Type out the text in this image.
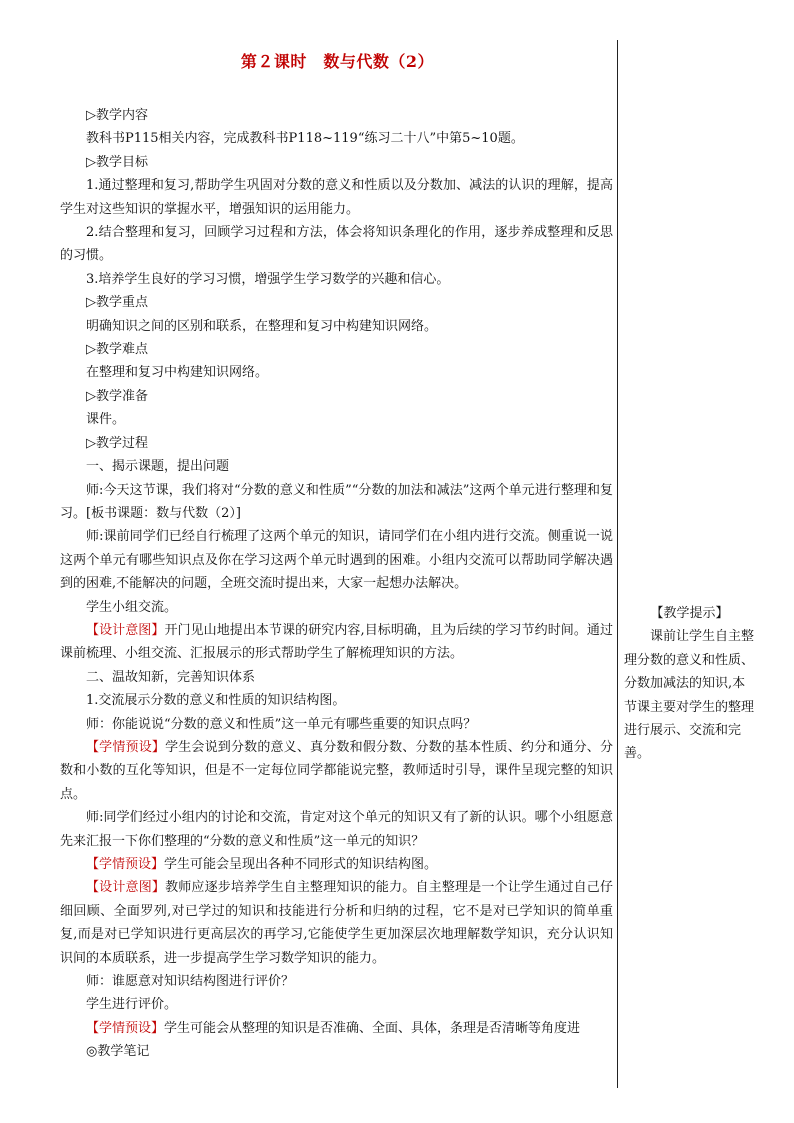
第２课时　数与代数（2）

▷教学内容

教科书P115相关内容，完成教科书P118~119“练习二十八”中第5~10题。

▷教学目标

1.通过整理和复习,帮助学生巩固对分数的意义和性质以及分数加、减法的认识的理解，提高学生对这些知识的掌握水平，增强知识的运用能力。

2.结合整理和复习，回顾学习过程和方法，体会将知识条理化的作用，逐步养成整理和反思的习惯。

3.培养学生良好的学习习惯，增强学生学习数学的兴趣和信心。

▷教学重点

明确知识之间的区别和联系，在整理和复习中构建知识网络。

▷教学难点

在整理和复习中构建知识网络。

▷教学准备

课件。

▷教学过程

一、揭示课题，提出问题

师:今天这节课，我们将对“分数的意义和性质”“分数的加法和减法”这两个单元进行整理和复习。[板书课题：数与代数（2）]

师:课前同学们已经自行梳理了这两个单元的知识，请同学们在小组内进行交流。侧重说一说这两个单元有哪些知识点及你在学习这两个单元时遇到的困难。小组内交流可以帮助同学解决遇到的困难,不能解决的问题，全班交流时提出来，大家一起想办法解决。

学生小组交流。

【设计意图】开门见山地提出本节课的研究内容,目标明确，且为后续的学习节约时间。通过课前梳理、小组交流、汇报展示的形式帮助学生了解梳理知识的方法。

二、温故知新，完善知识体系

1.交流展示分数的意义和性质的知识结构图。

师：你能说说“分数的意义和性质”这一单元有哪些重要的知识点吗？

【学情预设】学生会说到分数的意义、真分数和假分数、分数的基本性质、约分和通分、分数和小数的互化等知识，但是不一定每位同学都能说完整，教师适时引导，课件呈现完整的知识点。

师:同学们经过小组内的讨论和交流，肯定对这个单元的知识又有了新的认识。哪个小组愿意先来汇报一下你们整理的“分数的意义和性质”这一单元的知识？

【学情预设】学生可能会呈现出各种不同形式的知识结构图。

【设计意图】教师应逐步培养学生自主整理知识的能力。自主整理是一个让学生通过自己仔细回顾、全面罗列,对已学过的知识和技能进行分析和归纳的过程，它不是对已学知识的简单重复,而是对已学知识进行更高层次的再学习,它能使学生更加深层次地理解数学知识，充分认识知识间的本质联系，进一步提高学生学习数学知识的能力。

师：谁愿意对知识结构图进行评价？

学生进行评价。

【学情预设】学生可能会从整理的知识是否准确、全面、具体，条理是否清晰等角度进

◎教学笔记

【教学提示】

课前让学生自主整理分数的意义和性质、分数加减法的知识,本节课主要对学生的整理进行展示、交流和完善。
